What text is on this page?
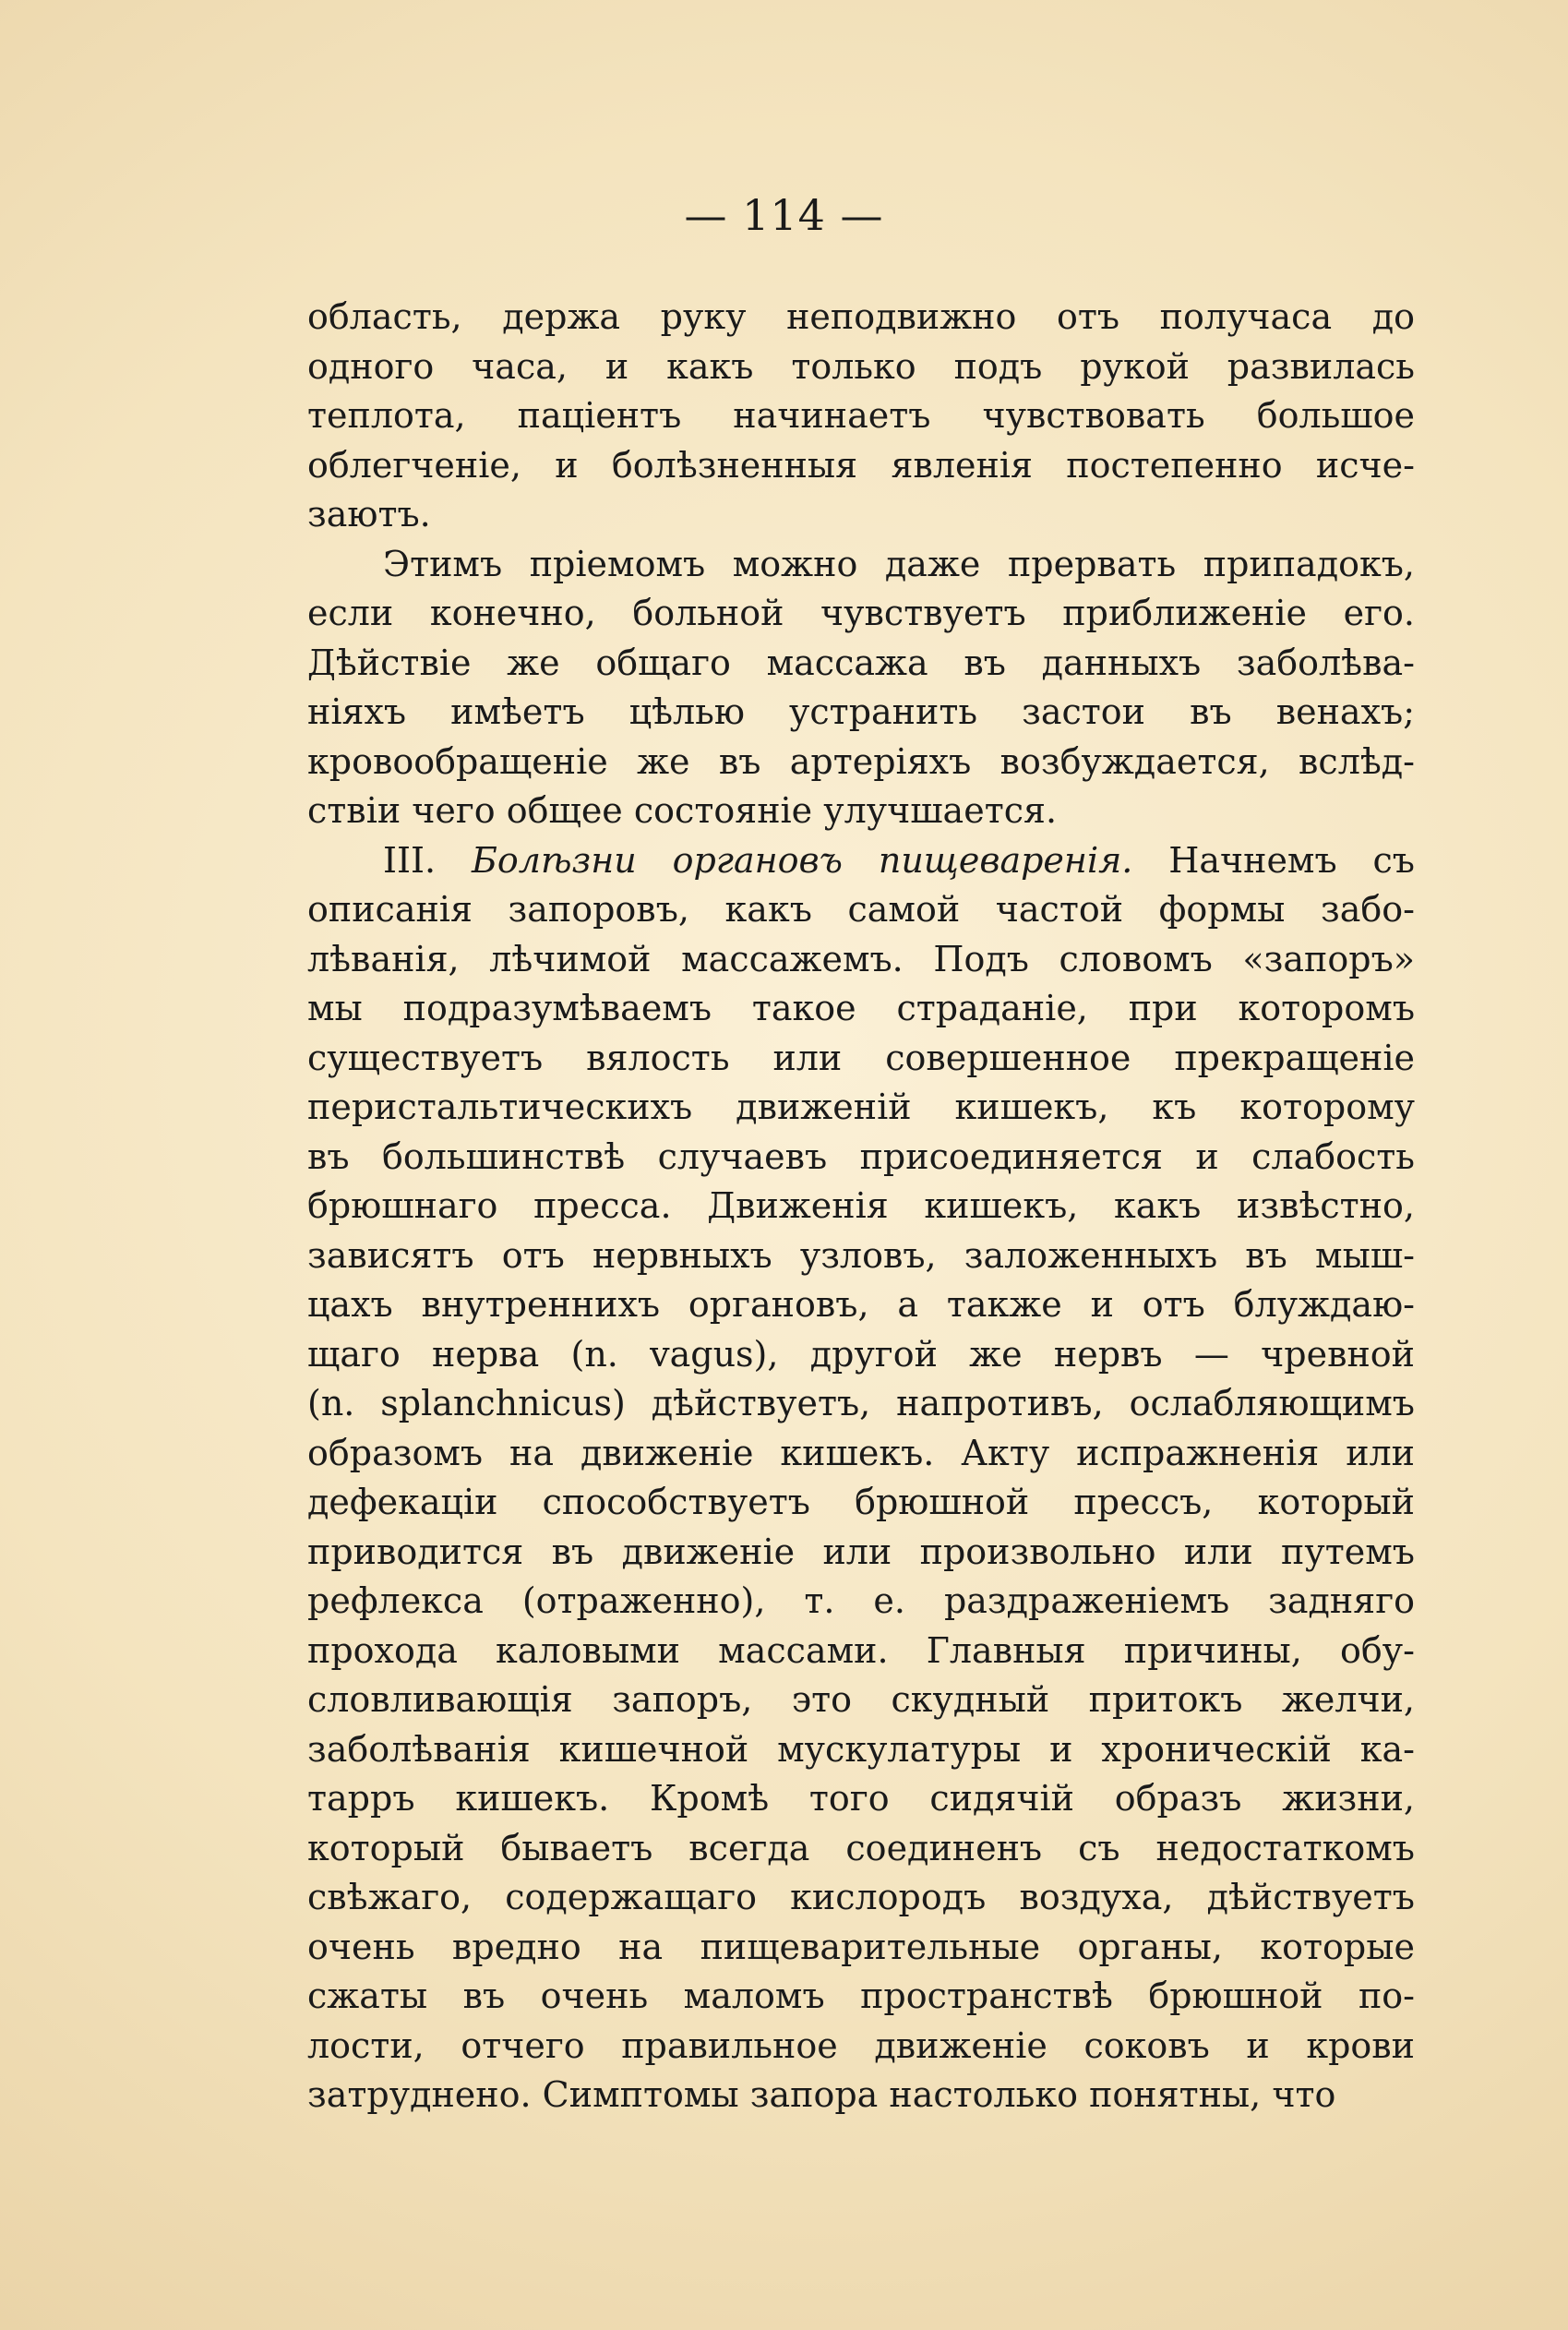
— 114 —
область, держа руку неподвижно отъ получаса до
одного часа, и какъ только подъ рукой развилась
теплота, паціентъ начинаетъ чувствовать большое
облегченіе, и болѣзненныя явленія постепенно исче-
заютъ.
Этимъ пріемомъ можно даже прервать припадокъ,
если конечно, больной чувствуетъ приближеніе его.
Дѣйствіе же общаго массажа въ данныхъ заболѣва-
ніяхъ имѣетъ цѣлью устранить застои въ венахъ;
кровообращеніе же въ артеріяхъ возбуждается, вслѣд-
ствіи чего общее состояніе улучшается.
III. Болѣзни органовъ пищеваренія. Начнемъ съ
описанія запоровъ, какъ самой частой формы забо-
лѣванія, лѣчимой массажемъ. Подъ словомъ «запоръ»
мы подразумѣваемъ такое страданіе, при которомъ
существуетъ вялость или совершенное прекращеніе
перистальтическихъ движеній кишекъ, къ которому
въ большинствѣ случаевъ присоединяется и слабость
брюшнаго пресса. Движенія кишекъ, какъ извѣстно,
зависятъ отъ нервныхъ узловъ, заложенныхъ въ мыш-
цахъ внутреннихъ органовъ, а также и отъ блуждаю-
щаго нерва (n. vagus), другой же нервъ — чревной
(n. splanchnicus) дѣйствуетъ, напротивъ, ослабляющимъ
образомъ на движеніе кишекъ. Акту испражненія или
дефекаціи способствуетъ брюшной прессъ, который
приводится въ движеніе или произвольно или путемъ
рефлекса (отраженно), т. е. раздраженіемъ задняго
прохода каловыми массами. Главныя причины, обу-
словливающія запоръ, это скудный притокъ желчи,
заболѣванія кишечной мускулатуры и хроническій ка-
тарръ кишекъ. Кромѣ того сидячій образъ жизни,
который бываетъ всегда соединенъ съ недостаткомъ
свѣжаго, содержащаго кислородъ воздуха, дѣйствуетъ
очень вредно на пищеварительные органы, которые
сжаты въ очень маломъ пространствѣ брюшной по-
лости, отчего правильное движеніе соковъ и крови
затруднено. Симптомы запора настолько понятны, что
